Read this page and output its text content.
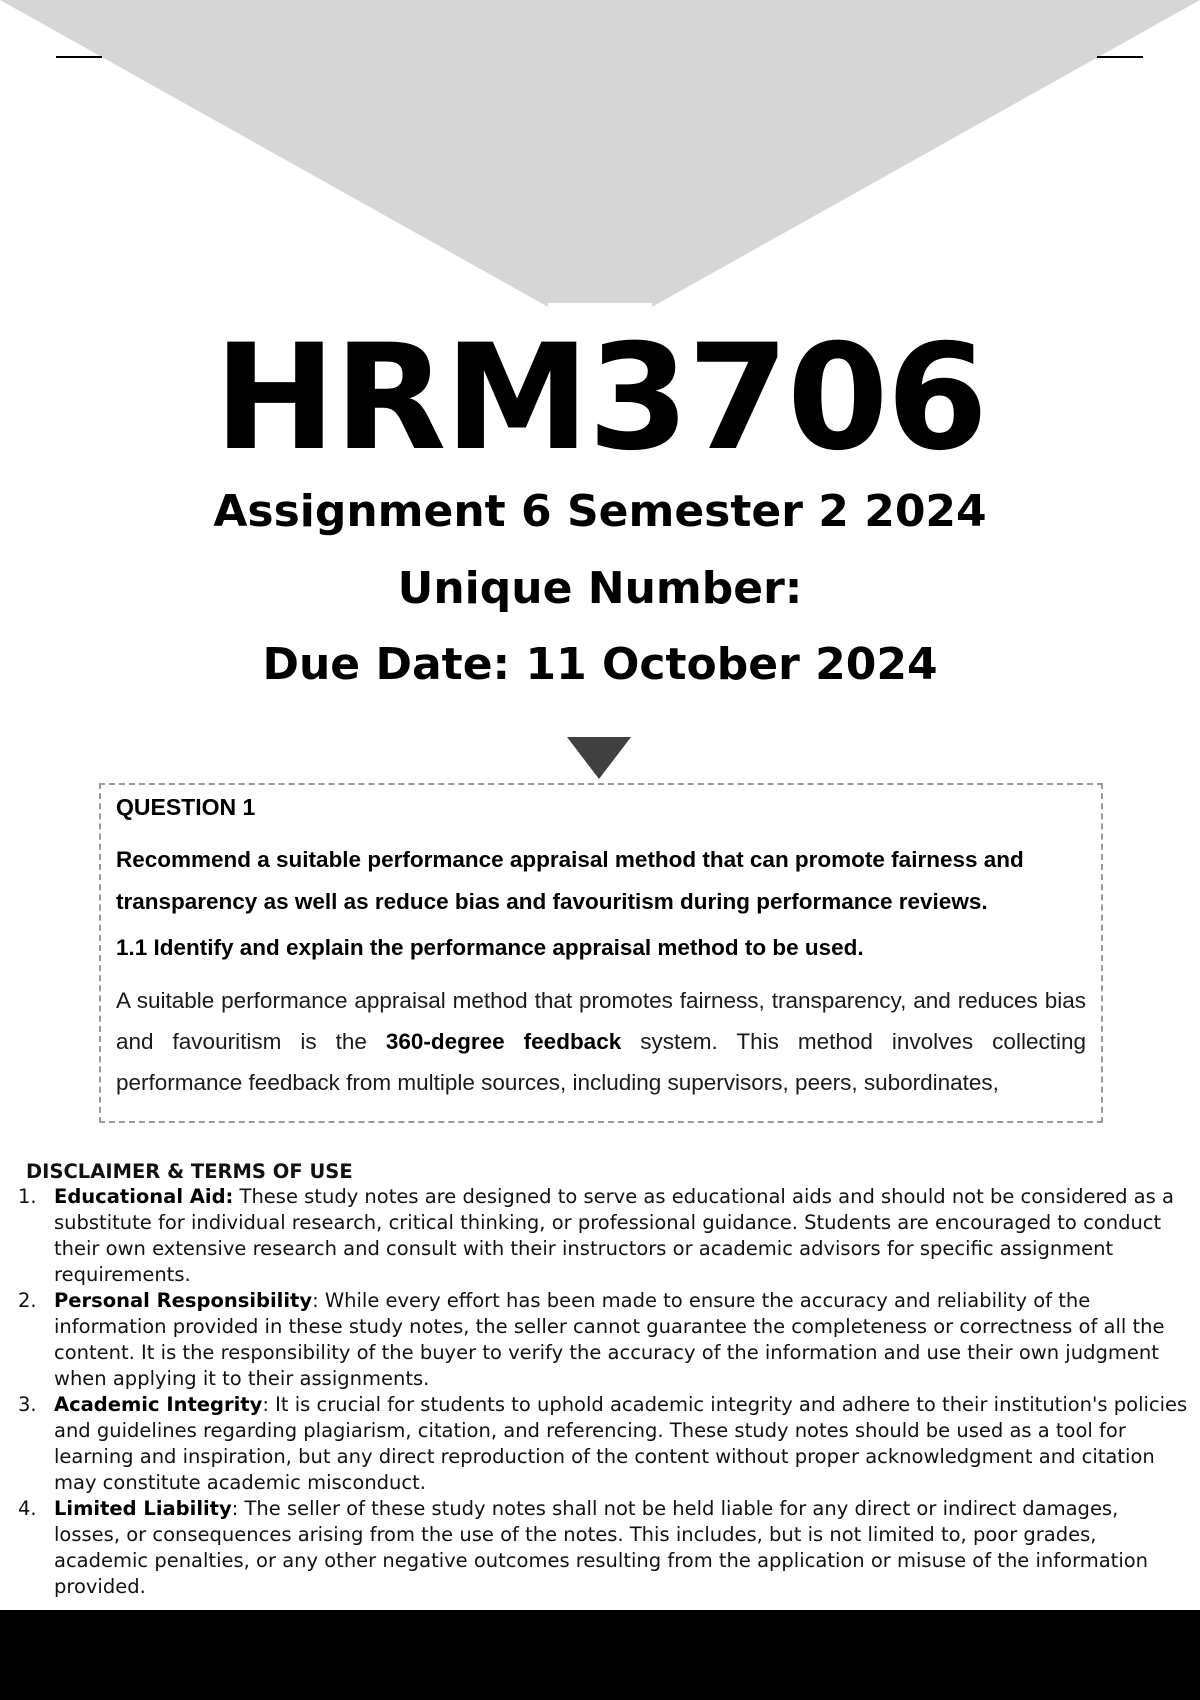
HRM3706
Assignment 6 Semester 2 2024
Unique Number:
Due Date: 11 October 2024
QUESTION 1
Recommend a suitable performance appraisal method that can promote fairness and transparency as well as reduce bias and favouritism during performance reviews.
1.1 Identify and explain the performance appraisal method to be used.

A suitable performance appraisal method that promotes fairness, transparency, and reduces bias and favouritism is the 360-degree feedback system. This method involves collecting performance feedback from multiple sources, including supervisors, peers, subordinates,

DISCLAIMER & TERMS OF USE
1. Educational Aid: These study notes are designed to serve as educational aids and should not be considered as a substitute for individual research, critical thinking, or professional guidance. Students are encouraged to conduct their own extensive research and consult with their instructors or academic advisors for specific assignment requirements.
2. Personal Responsibility: While every effort has been made to ensure the accuracy and reliability of the information provided in these study notes, the seller cannot guarantee the completeness or correctness of all the content. It is the responsibility of the buyer to verify the accuracy of the information and use their own judgment when applying it to their assignments.
3. Academic Integrity: It is crucial for students to uphold academic integrity and adhere to their institution's policies and guidelines regarding plagiarism, citation, and referencing. These study notes should be used as a tool for learning and inspiration, but any direct reproduction of the content without proper acknowledgment and citation may constitute academic misconduct.
4. Limited Liability: The seller of these study notes shall not be held liable for any direct or indirect damages, losses, or consequences arising from the use of the notes. This includes, but is not limited to, poor grades, academic penalties, or any other negative outcomes resulting from the application or misuse of the information provided.
